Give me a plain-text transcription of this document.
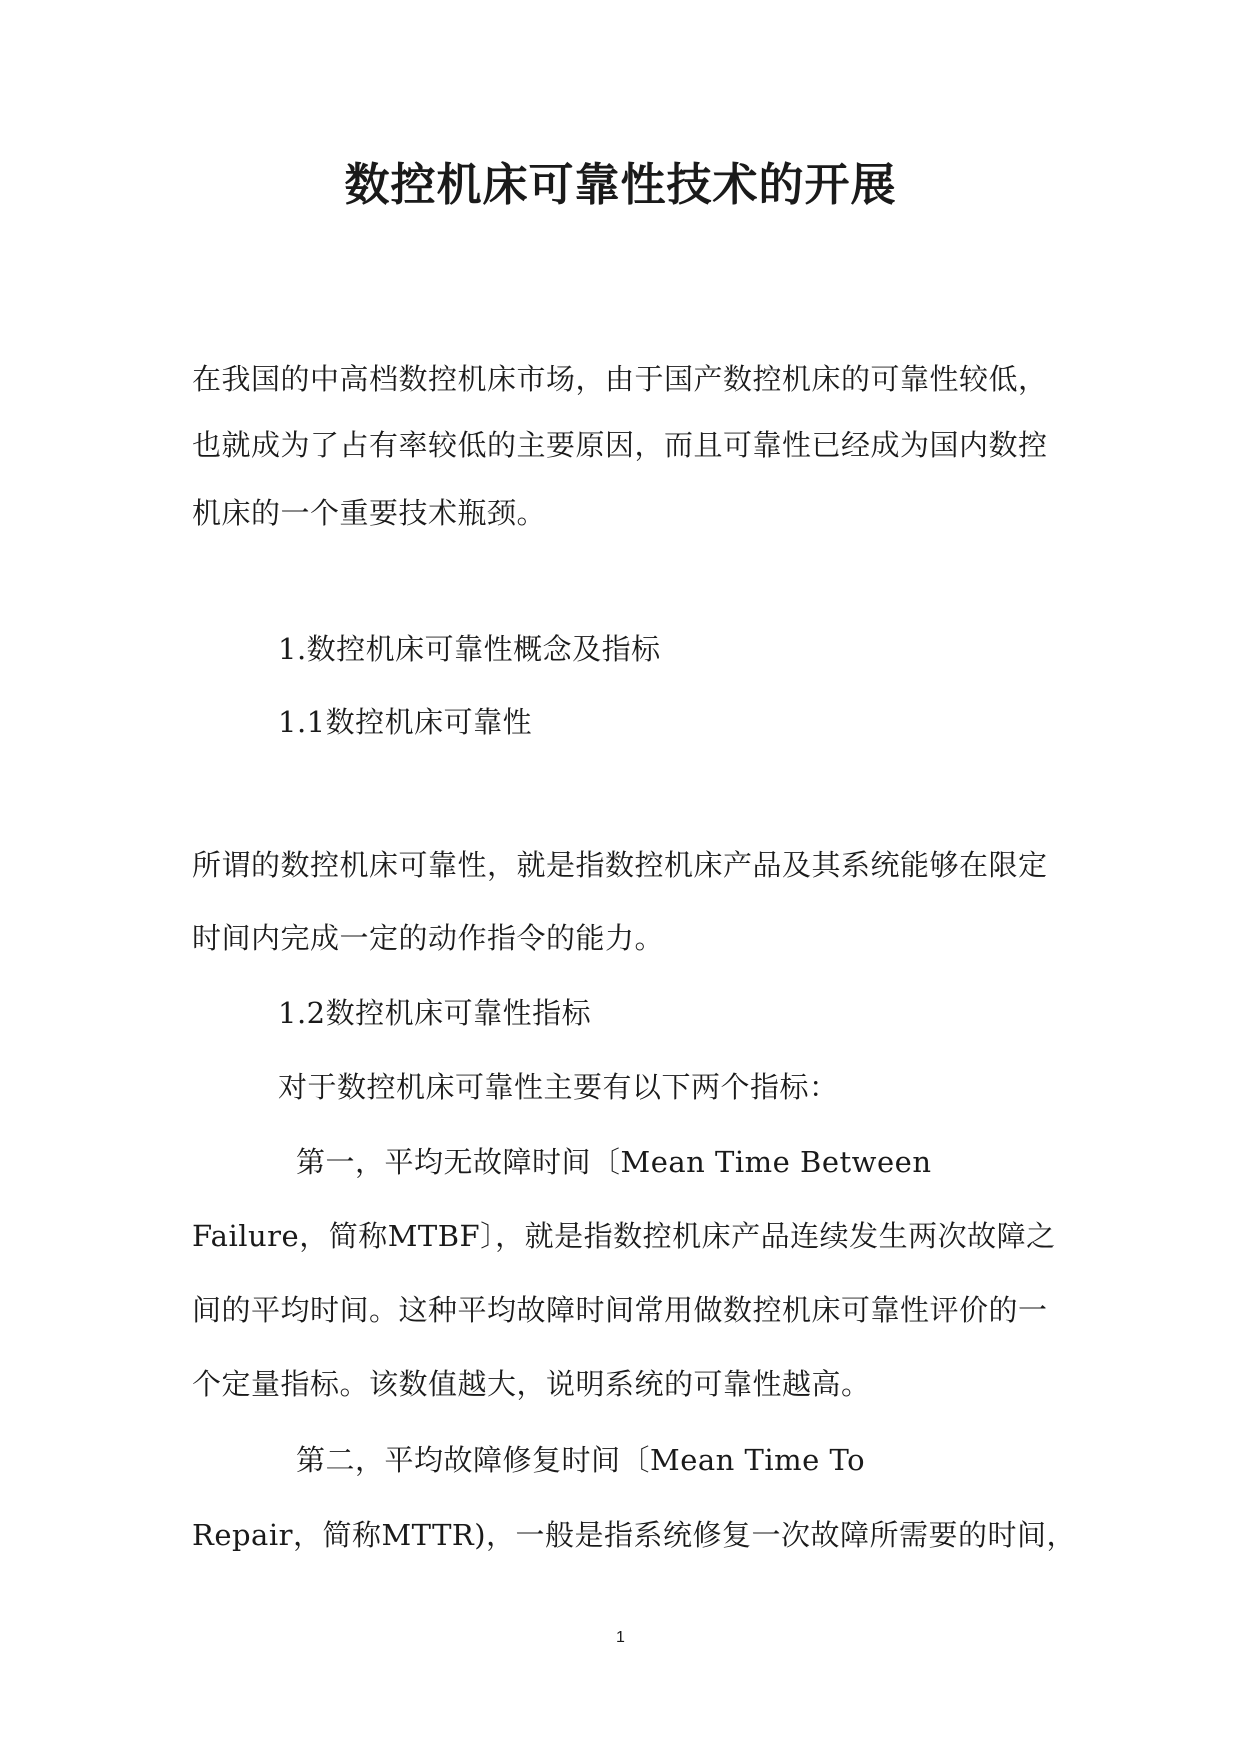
数控机床可靠性技术的开展
在我国的中高档数控机床市场，由于国产数控机床的可靠性较低，
也就成为了占有率较低的主要原因，而且可靠性已经成为国内数控
机床的一个重要技术瓶颈。
1.数控机床可靠性概念及指标
1.1数控机床可靠性
所谓的数控机床可靠性，就是指数控机床产品及其系统能够在限定
时间内完成一定的动作指令的能力。
1.2数控机床可靠性指标
对于数控机床可靠性主要有以下两个指标：
第一，平均无故障时间〔Mean Time Between
Failure，简称MTBF〕，就是指数控机床产品连续发生两次故障之
间的平均时间。这种平均故障时间常用做数控机床可靠性评价的一
个定量指标。该数值越大，说明系统的可靠性越高。
第二，平均故障修复时间〔Mean Time To
Repair，简称MTTR)，一般是指系统修复一次故障所需要的时间，
1
